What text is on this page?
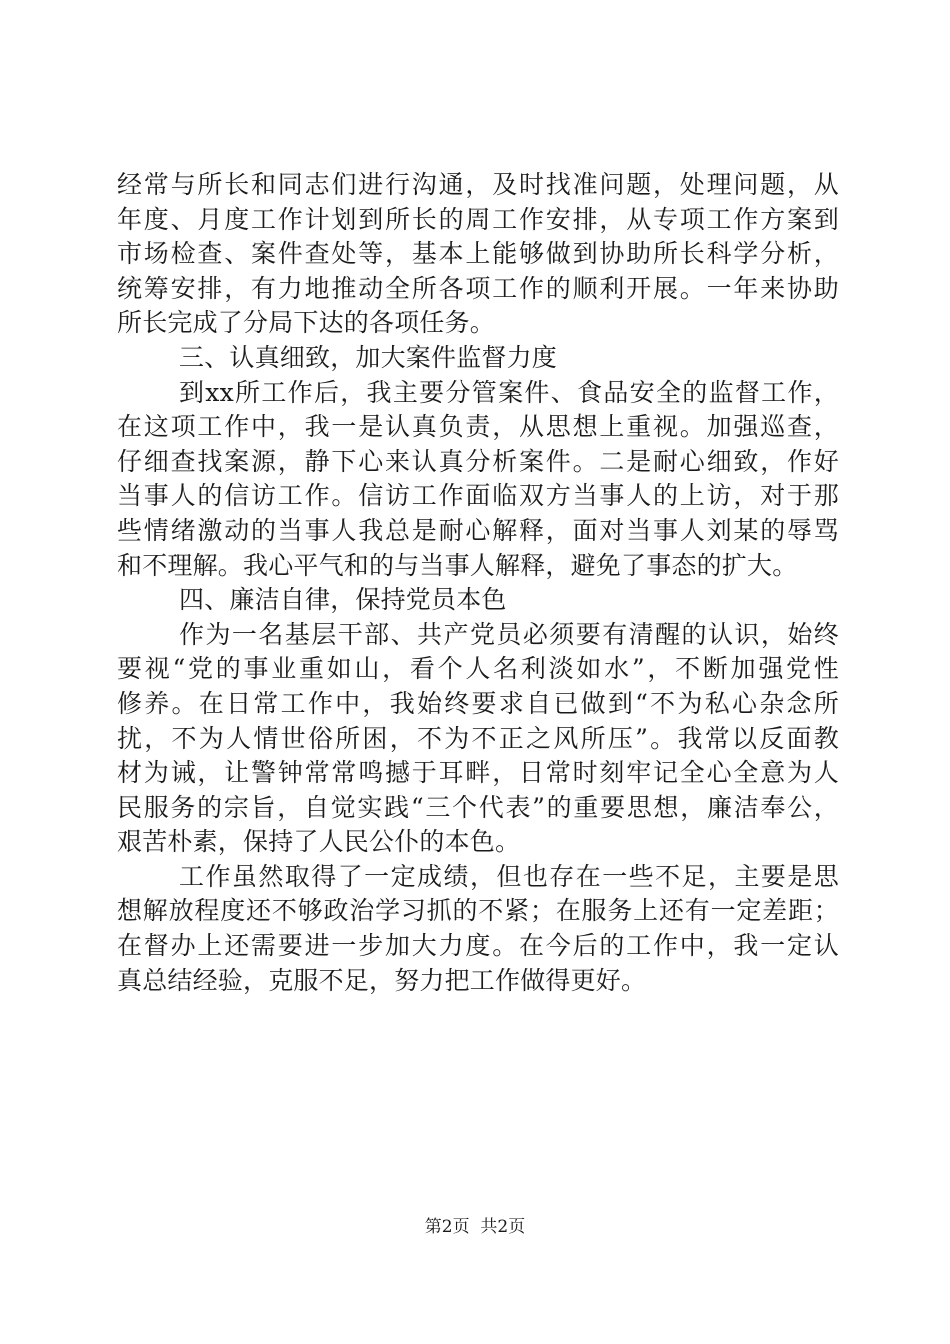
经常与所长和同志们进行沟通，及时找准问题，处理问题，从
年度、月度工作计划到所长的周工作安排，从专项工作方案到
市场检查、案件查处等，基本上能够做到协助所长科学分析，
统筹安排，有力地推动全所各项工作的顺利开展。一年来协助
所长完成了分局下达的各项任务。
三、认真细致，加大案件监督力度
到xx所工作后，我主要分管案件、食品安全的监督工作，
在这项工作中，我一是认真负责，从思想上重视。加强巡查，
仔细查找案源，静下心来认真分析案件。二是耐心细致，作好
当事人的信访工作。信访工作面临双方当事人的上访，对于那
些情绪激动的当事人我总是耐心解释，面对当事人刘某的辱骂
和不理解。我心平气和的与当事人解释，避免了事态的扩大。
四、廉洁自律，保持党员本色
作为一名基层干部、共产党员必须要有清醒的认识，始终
要视“党的事业重如山，看个人名利淡如水”，不断加强党性
修养。在日常工作中，我始终要求自已做到“不为私心杂念所
扰，不为人情世俗所困，不为不正之风所压”。我常以反面教
材为诫，让警钟常常鸣撼于耳畔，日常时刻牢记全心全意为人
民服务的宗旨，自觉实践“三个代表”的重要思想，廉洁奉公，
艰苦朴素，保持了人民公仆的本色。
工作虽然取得了一定成绩，但也存在一些不足，主要是思
想解放程度还不够政治学习抓的不紧；在服务上还有一定差距；
在督办上还需要进一步加大力度。在今后的工作中，我一定认
真总结经验，克服不足，努力把工作做得更好。
第2页  共2页
